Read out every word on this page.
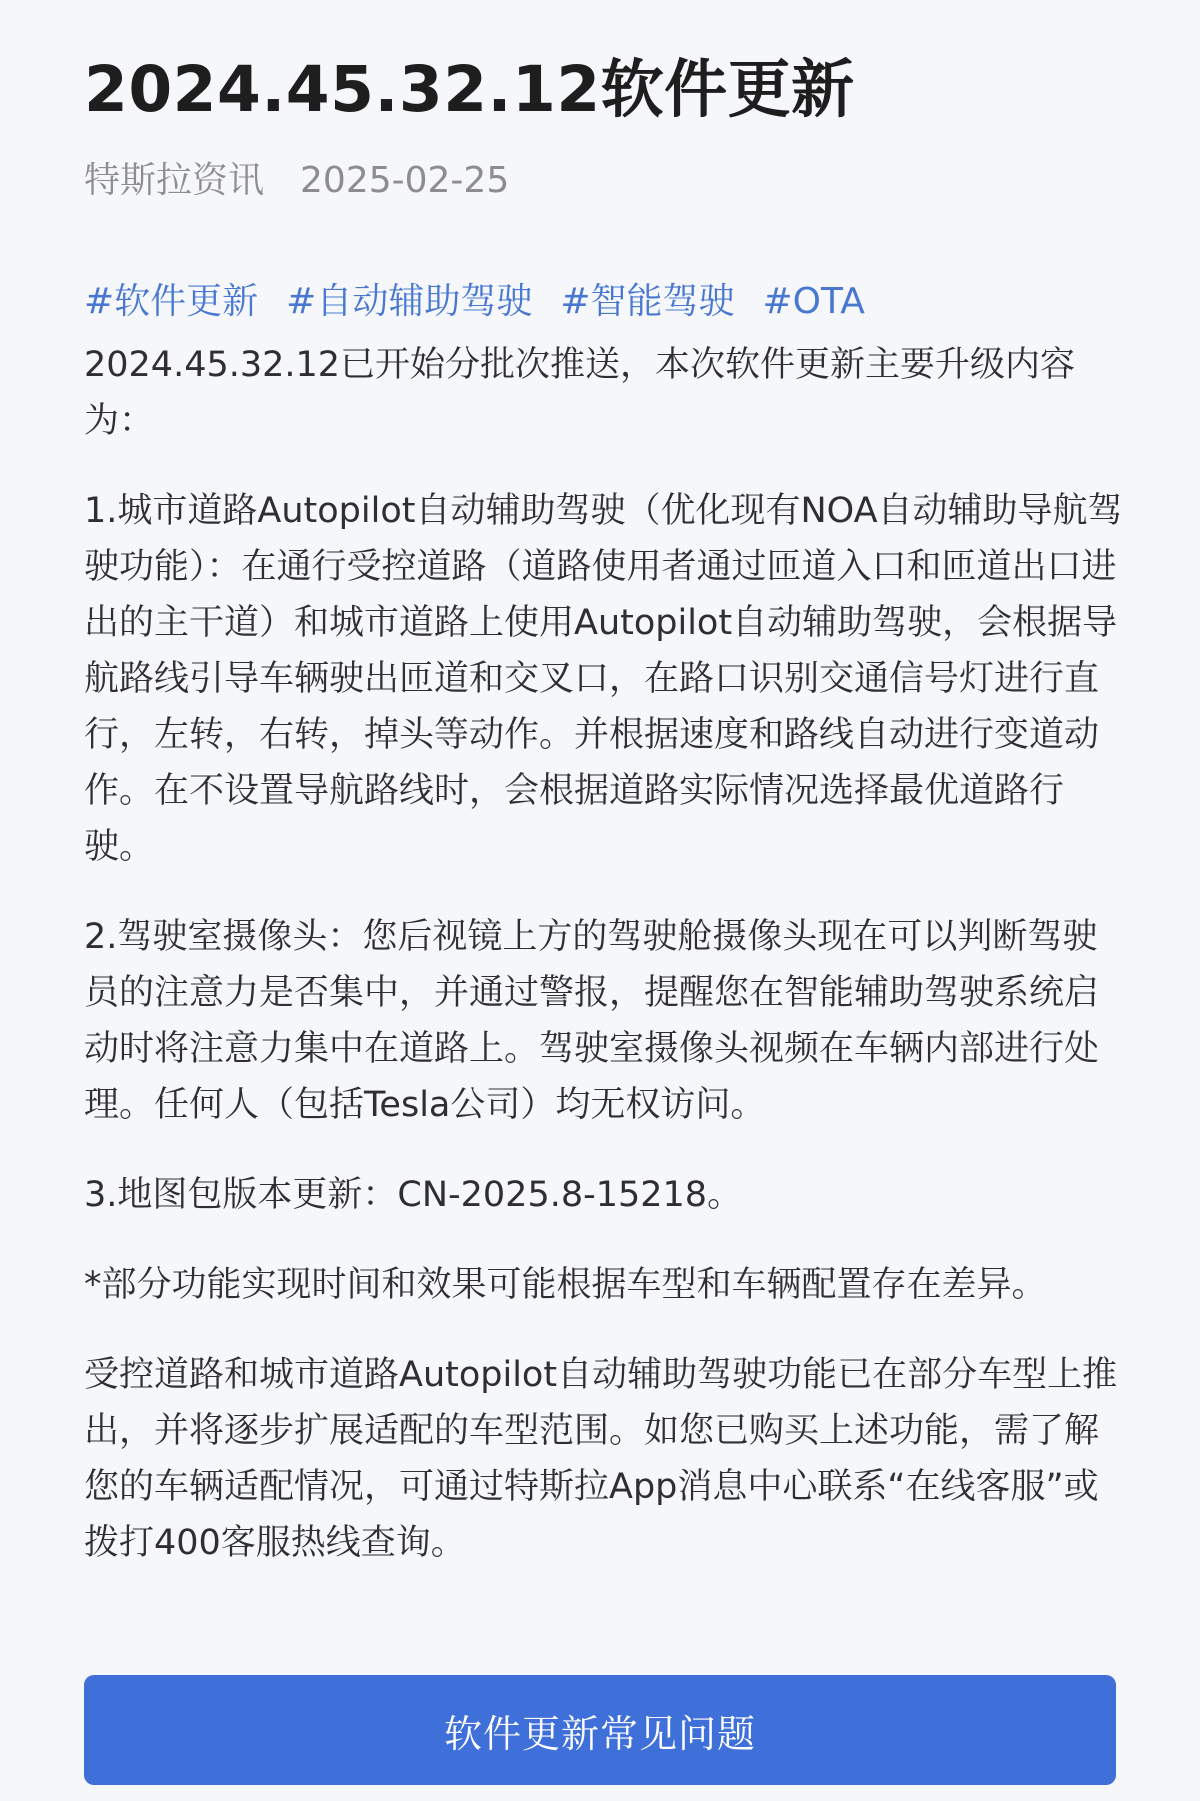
2024.45.32.12软件更新
特斯拉资讯 2025-02-25
#软件更新 #自动辅助驾驶 #智能驾驶 #OTA

2024.45.32.12已开始分批次推送，本次软件更新主要升级内容为：

1.城市道路Autopilot自动辅助驾驶（优化现有NOA自动辅助导航驾驶功能）：在通行受控道路（道路使用者通过匝道入口和匝道出口进出的主干道）和城市道路上使用Autopilot自动辅助驾驶，会根据导航路线引导车辆驶出匝道和交叉口，在路口识别交通信号灯进行直行，左转，右转，掉头等动作。并根据速度和路线自动进行变道动作。在不设置导航路线时，会根据道路实际情况选择最优道路行驶。

2.驾驶室摄像头：您后视镜上方的驾驶舱摄像头现在可以判断驾驶员的注意力是否集中，并通过警报，提醒您在智能辅助驾驶系统启动时将注意力集中在道路上。驾驶室摄像头视频在车辆内部进行处理。任何人（包括Tesla公司）均无权访问。

3.地图包版本更新：CN-2025.8-15218。

*部分功能实现时间和效果可能根据车型和车辆配置存在差异。

受控道路和城市道路Autopilot自动辅助驾驶功能已在部分车型上推出，并将逐步扩展适配的车型范围。如您已购买上述功能，需了解您的车辆适配情况，可通过特斯拉App消息中心联系“在线客服”或拨打400客服热线查询。

软件更新常见问题
